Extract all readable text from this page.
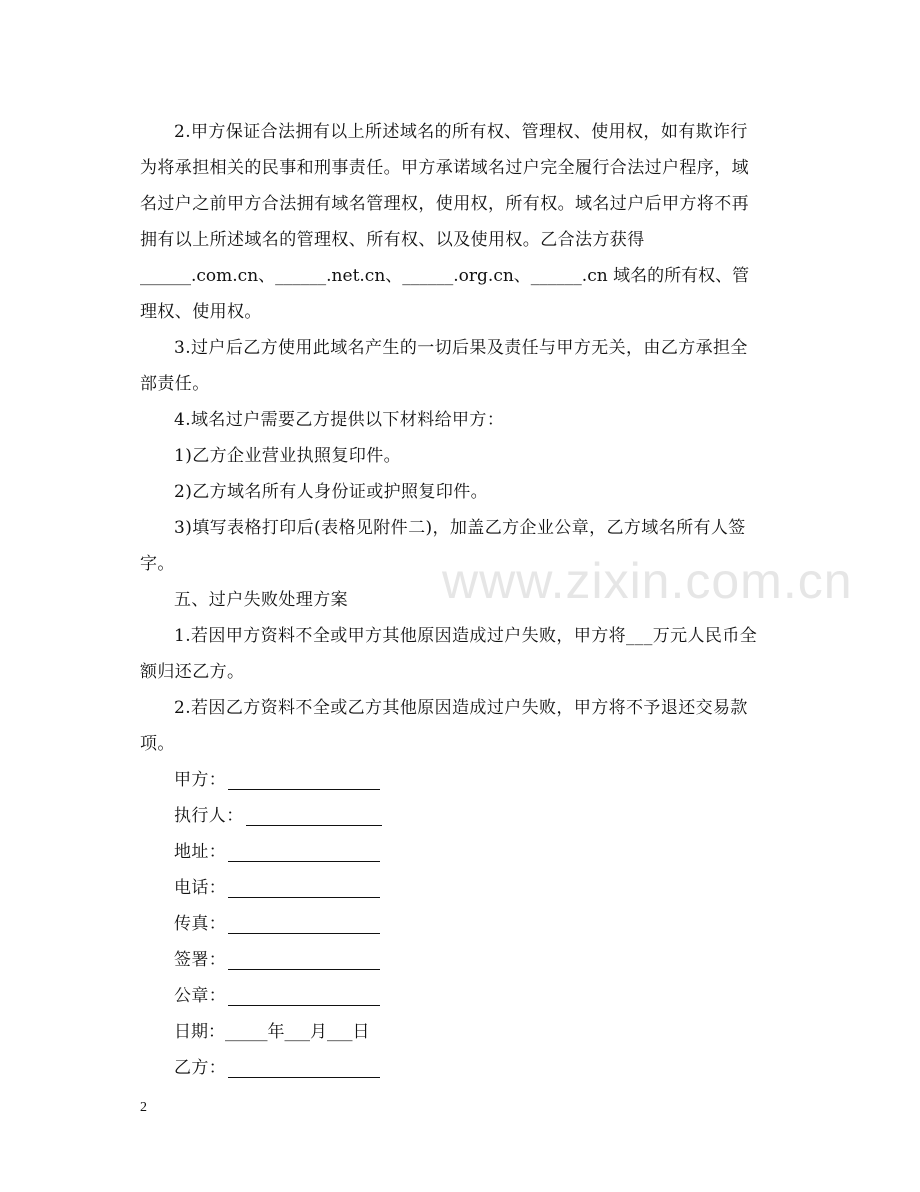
www.zixin.com.cn
2.甲方保证合法拥有以上所述域名的所有权、管理权、使用权，如有欺诈行
为将承担相关的民事和刑事责任。甲方承诺域名过户完全履行合法过户程序，域
名过户之前甲方合法拥有域名管理权，使用权，所有权。域名过户后甲方将不再
拥有以上所述域名的管理权、所有权、以及使用权。乙合法方获得
______.com.cn、______.net.cn、______.org.cn、______.cn 域名的所有权、管
理权、使用权。
3.过户后乙方使用此域名产生的一切后果及责任与甲方无关，由乙方承担全
部责任。
4.域名过户需要乙方提供以下材料给甲方：
1)乙方企业营业执照复印件。
2)乙方域名所有人身份证或护照复印件。
3)填写表格打印后(表格见附件二)，加盖乙方企业公章，乙方域名所有人签
字。
五、过户失败处理方案
1.若因甲方资料不全或甲方其他原因造成过户失败，甲方将___万元人民币全
额归还乙方。
2.若因乙方资料不全或乙方其他原因造成过户失败，甲方将不予退还交易款
项。
甲方：
执行人：
地址：
电话：
传真：
签署：
公章：
日期：_____年___月___日
乙方：
2
